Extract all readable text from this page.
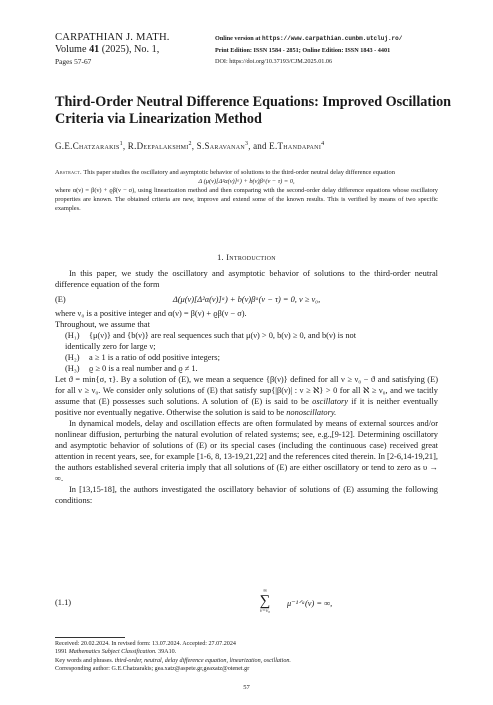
CARPATHIAN J. MATH.
Volume 41 (2025), No. 1,
Pages 57-67
Online version at https://www.carpathian.cunbm.utcluj.ro/
Print Edition: ISSN 1584 - 2851; Online Edition: ISSN 1843 - 4401
DOI: https://doi.org/10.37193/CJM.2025.01.06
Third-Order Neutral Difference Equations: Improved Oscillation Criteria via Linearization Method
G.E.Chatzarakis$^1$, R.Deepalakshmi$^2$, S.Saravanan$^3$, and E.Thandapani$^4$
Abstract. This paper studies the oscillatory and asymptotic behavior of solutions to the third-order neutral delay difference equation
Δ (μ(ν)[Δ²α(ν)]ᵃ) + b(ν)βᵃ(ν − τ) = 0,
where α(ν) = β(ν) + ϱβ(ν − σ), using linearization method and then comparing with the second-order delay difference equations whose oscillatory properties are known. The obtained criteria are new, improve and extend some of the known results. This is verified by means of two specific examples.
1. Introduction

In this paper, we study the oscillatory and asymptotic behavior of solutions to the third-order neutral difference equation of the form

(E)	Δ(μ(ν)[Δ²α(ν)]ᵃ) + b(ν)βᵃ(ν − τ) = 0, ν ≥ ν₀,

where ν₀ is a positive integer and α(ν) = β(ν) + ϱβ(ν − σ).

Throughout, we assume that

(H₁) {μ(ν)} and {b(ν)} are real sequences such that μ(ν) > 0, b(ν) ≥ 0, and b(ν) is not
identically zero for large ν;
(H₂) a ≥ 1 is a ratio of odd positive integers;
(H₃) ϱ ≥ 0 is a real number and ϱ ≠ 1.

Let ϑ = min{σ, τ}. By a solution of (E), we mean a sequence {β(ν)} defined for all ν ≥ ν₀ − ϑ and satisfying (E) for all ν ≥ ν₀. We consider only solutions of (E) that satisfy sup{|β(ν)| : ν ≥ ℵ} > 0 for all ℵ ≥ ν₀, and we tacitly assume that (E) possesses such solutions. A solution of (E) is said to be oscillatory if it is neither eventually positive nor eventually negative. Otherwise the solution is said to be nonoscillatory.

In dynamical models, delay and oscillation effects are often formulated by means of external sources and/or nonlinear diffusion, perturbing the natural evolution of related systems; see, e.g.,[9-12]. Determining oscillatory and asymptotic behavior of solutions of (E) or its special cases (including the continuous case) received great attention in recent years, see, for example [1-6, 8, 13-19,21,22] and the references cited therein. In [2-6,14-19,21], the authors established several criteria imply that all solutions of (E) are either oscillatory or tend to zero as υ → ∞.

In [13,15-18], the authors investigated the oscillatory behavior of solutions of (E) assuming the following conditions:

(1.1)
∞
∑
ν=ν₀
μ⁻¹ᐟᵃ(ν) = ∞,
Received: 20.02.2024. In revised form: 13.07.2024. Accepted: 27.07.2024
1991 Mathematics Subject Classification. 39A10.
Key words and phrases. third-order, neutral, delay difference equation, linearization, oscillation.
Corresponding author: G.E.Chatzarakis; gea.xatz@aspete.gr,geaxatz@otenet.gr
57
